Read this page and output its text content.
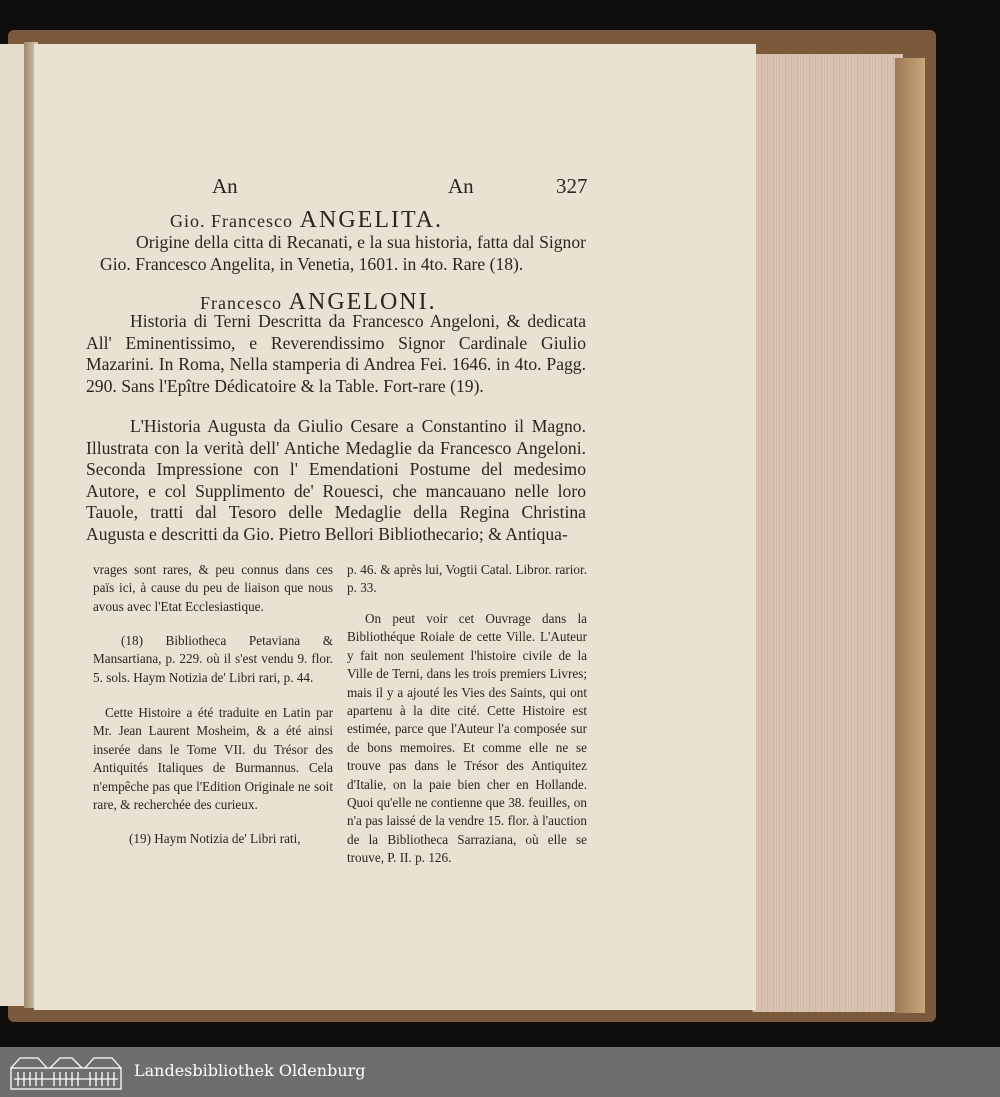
An	An	327
Gio. Francesco ANGELITA.
Origine della citta di Recanati, e la sua historia, fatta dal Signor Gio. Francesco Angelita, in Venetia, 1601. in 4to. Rare (18).
Francesco ANGELONI.
Historia di Terni Descritta da Francesco Angeloni, & dedicata All' Eminentissimo, e Reverendissimo Signor Cardinale Giulio Mazarini. In Roma, Nella stamperia di Andrea Fei. 1646. in 4to. Pagg. 290. Sans l'Epître Dédicatoire & la Table. Fort-rare (19).
L'Historia Augusta da Giulio Cesare a Constantino il Magno. Illustrata con la verità dell' Antiche Medaglie da Francesco Angeloni. Seconda Impressione con l' Emendationi Postume del medesimo Autore, e col Supplimento de' Rouesci, che mancauano nelle loro Tauole, tratti dal Tesoro delle Medaglie della Regina Christina Augusta e descritti da Gio. Pietro Bellori Bibliothecario; & Antiqua-
vrages sont rares, & peu connus dans ces païs ici, à cause du peu de liaison que nous avous avec l'Etat Ecclesiastique.
(18) Bibliotheca Petaviana & Mansartiana, p. 229. où il s'est vendu 9. flor. 5. sols. Haym Notizia de' Libri rari, p. 44.
Cette Histoire a été traduite en Latin par Mr. Jean Laurent Mosheim, & a été ainsi inserée dans le Tome VII. du Trésor des Antiquités Italiques de Burmannus. Cela n'empêche pas que l'Edition Originale ne soit rare, & recherchée des curieux.
(19) Haym Notizia de' Libri rati,
p. 46. & après lui, Vogtii Catal. Libror. rarior. p. 33.
On peut voir cet Ouvrage dans la Bibliothéque Roiale de cette Ville. L'Auteur y fait non seulement l'histoire civile de la Ville de Terni, dans les trois premiers Livres; mais il y a ajouté les Vies des Saints, qui ont apartenu à la dite cité. Cette Histoire est estimée, parce que l'Auteur l'a composée sur de bons memoires. Et comme elle ne se trouve pas dans le Trésor des Antiquitez d'Italie, on la paie bien cher en Hollande. Quoi qu'elle ne contienne que 38. feuilles, on n'a pas laissé de la vendre 15. flor. à l'auction de la Bibliotheca Sarraziana, où elle se trouve, P. II. p. 126.
Landesbibliothek Oldenburg
